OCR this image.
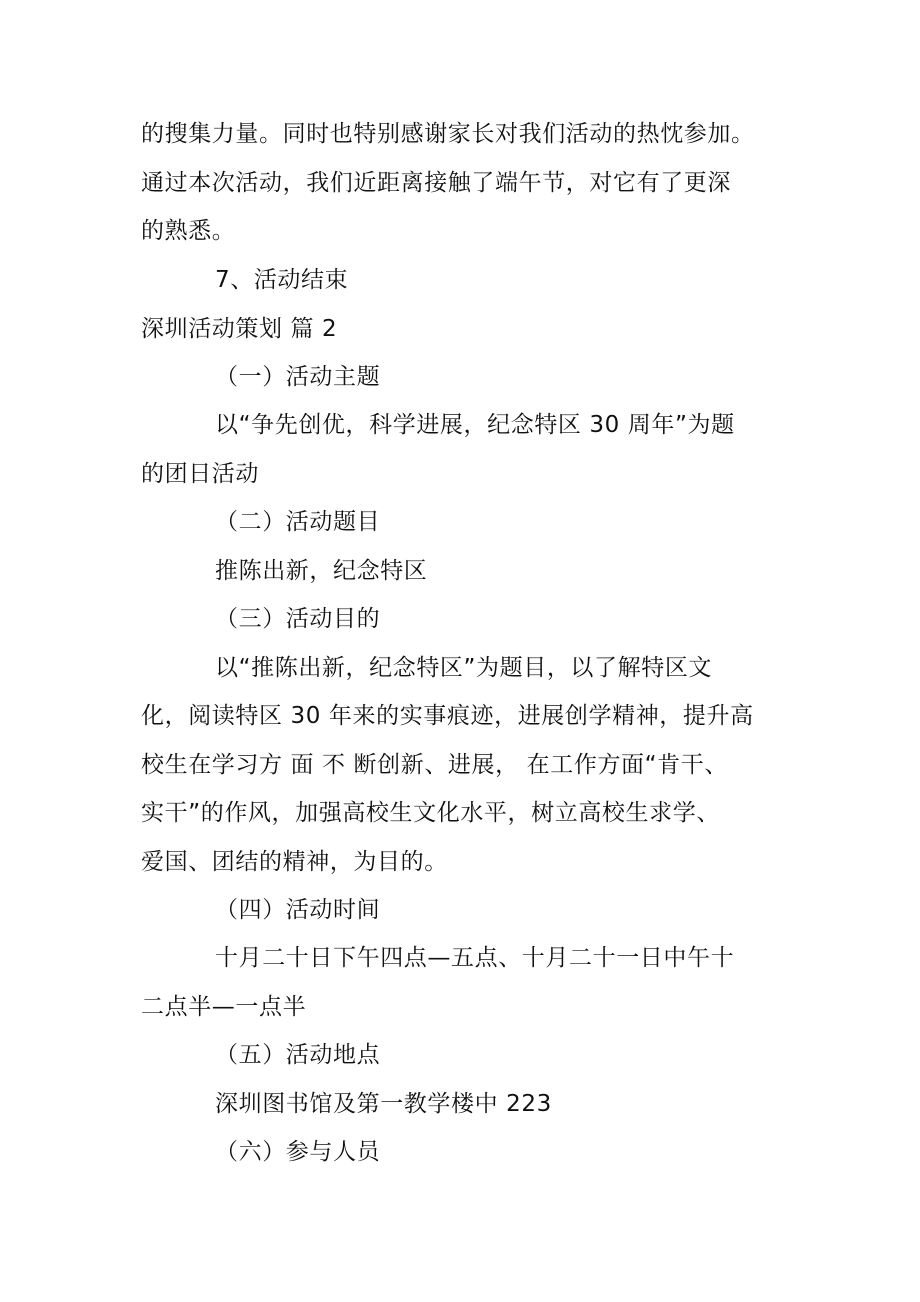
的搜集力量。同时也特别感谢家长对我们活动的热忱参加。
通过本次活动，我们近距离接触了端午节，对它有了更深
的熟悉。
7、活动结束
深圳活动策划 篇 2
（一）活动主题
以“争先创优，科学进展，纪念特区 30 周年”为题
的团日活动
（二）活动题目
推陈出新，纪念特区
（三）活动目的
以“推陈出新，纪念特区”为题目，以了解特区文
化，阅读特区 30 年来的实事痕迹，进展创学精神，提升高
校生在学习方 面 不 断创新、进展， 在工作方面“肯干、
实干”的作风，加强高校生文化水平，树立高校生求学、
爱国、团结的精神，为目的。
（四）活动时间
十月二十日下午四点—五点、十月二十一日中午十
二点半—一点半
（五）活动地点
深圳图书馆及第一教学楼中 223
（六）参与人员
